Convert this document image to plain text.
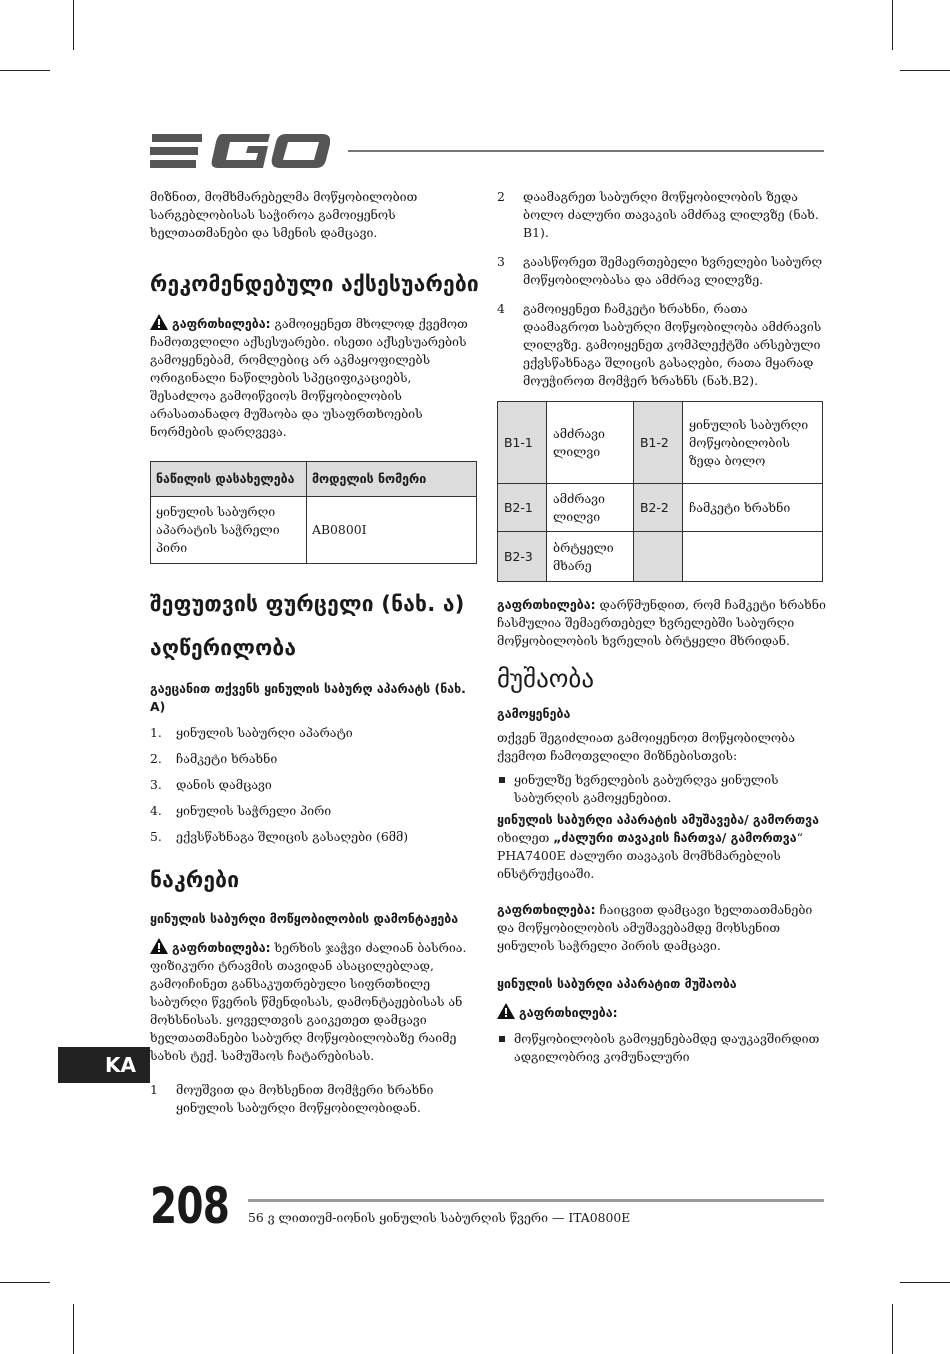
მიზნით, მომხმარებელმა მოწყობილობით სარგებლობისას საჭიროა გამოიყენოს ხელთათმანები და სმენის დამცავი.

რეკომენდებული აქსესუარები

გაფრთხილება: გამოიყენეთ მხოლოდ ქვემოთ ჩამოთვლილი აქსესუარები. ისეთი აქსესუარების გამოყენებამ, რომლებიც არ აკმაყოფილებს ორიგინალი ნაწილების სპეციფიკაციებს, შესაძლოა გამოიწვიოს მოწყობილობის არასათანადო მუშაობა და უსაფრთხოების ნორმების დარღვევა.

ნაწილის დასახელება	მოდელის ნომერი
ყინულის საბურღი აპარატის საჭრელი პირი	AB0800I
შეფუთვის ფურცელი (ნახ. ა)
აღწერილობა

გაეცანით თქვენს ყინულის საბურღ აპარატს (ნახ. A)

1. ყინულის საბურღი აპარატი
2. ჩამკეტი ხრახნი
3. დანის დამცავი
4. ყინულის საჭრელი პირი
5. ექვსწახნაგა შლიცის გასაღები (6მმ)
ნაკრები

ყინულის საბურღი მოწყობილობის დამონტაჟება

გაფრთხილება: ხერხის ჯაჭვი ძალიან ბასრია. ფიზიკური ტრავმის თავიდან ასაცილებლად, გამოიჩინეთ განსაკუთრებული სიფრთხილე საბურღი წვერის წმენდისას, დამონტაჟებისას ან მოხსნისას. ყოველთვის გაიკეთეთ დამცავი ხელთათმანები საბურღ მოწყობილობაზე რაიმე სახის ტექ. სამუშაოს ჩატარებისას.

1 მოუშვით და მოხსენით მომჭერი ხრახნი ყინულის საბურღი მოწყობილობიდან.
2 დაამაგრეთ საბურღი მოწყობილობის ზედა ბოლო ძალური თავაკის ამძრავ ლილვზე (ნახ. B1).
3 გაასწორეთ შემაერთებელი ხვრელები საბურღ მოწყობილობასა და ამძრავ ლილვზე.
4 გამოიყენეთ ჩამკეტი ხრახნი, რათა დაამაგროთ საბურღი მოწყობილობა ამძრავის ლილვზე. გამოიყენეთ კომპლექტში არსებული ექვსწახნაგა შლიცის გასაღები, რათა მყარად მოუჭიროთ მომჭერ ხრახნს (ნახ.B2).
B1-1	ამძრავი ლილვი	B1-2	ყინულის საბურღი მოწყობილობის ზედა ბოლო
B2-1	ამძრავი ლილვი	B2-2	ჩამკეტი ხრახნი
B2-3	ბრტყელი მხარე		

გაფრთხილება: დარწმუნდით, რომ ჩამკეტი ხრახნი ჩასმულია შემაერთებელ ხვრელებში საბურღი მოწყობილობის ხვრელის ბრტყელი მხრიდან.

მუშაობა

გამოყენება

თქვენ შეგიძლიათ გამოიყენოთ მოწყობილობა ქვემოთ ჩამოთვლილი მიზნებისთვის:

ყინულზე ხვრელების გაბურღვა ყინულის საბურღის გამოყენებით.

ყინულის საბურღი აპარატის ამუშავება/ გამორთვა იხილეთ „ძალური თავაკის ჩართვა/ გამორთვა“ PHA7400E ძალური თავაკის მომხმარებლის ინსტრუქციაში.

გაფრთხილება: ჩაიცვით დამცავი ხელთათმანები და მოწყობილობის ამუშავებამდე მოხსენით ყინულის საჭრელი პირის დამცავი.

ყინულის საბურღი აპარატით მუშაობა

გაფრთხილება:

მოწყობილობის გამოყენებამდე დაუკავშირდით ადგილობრივ კომუნალური
KA
208 56 ვ ლითიუმ-იონის ყინულის საბურღის წვერი — ITA0800E
